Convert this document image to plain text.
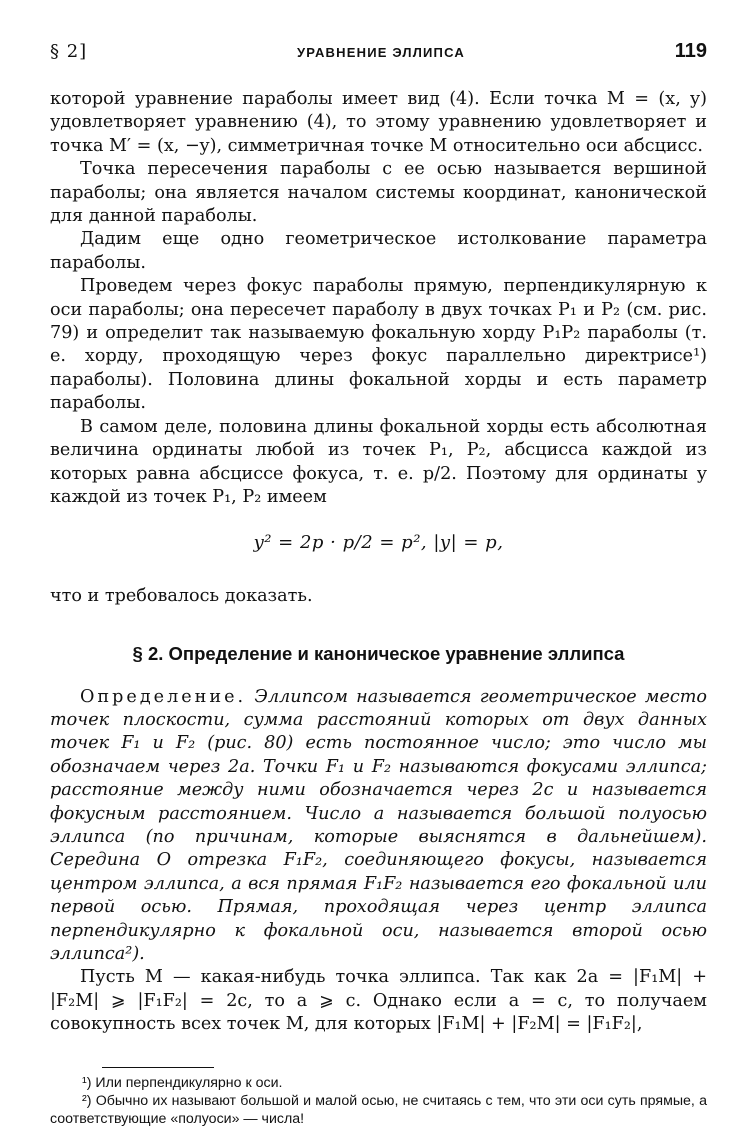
§ 2]	УРАВНЕНИЕ ЭЛЛИПСА	119

которой уравнение параболы имеет вид (4). Если точка M = (x, y) удовлетворяет уравнению (4), то этому уравнению удовлетворяет и точка M′ = (x, −y), симметричная точке M относительно оси абсцисс.

Точка пересечения параболы с ее осью называется вершиной параболы; она является началом системы координат, канонической для данной параболы.

Дадим еще одно геометрическое истолкование параметра параболы.

Проведем через фокус параболы прямую, перпендикулярную к оси параболы; она пересечет параболу в двух точках P₁ и P₂ (см. рис. 79) и определит так называемую фокальную хорду P₁P₂ параболы (т. е. хорду, проходящую через фокус параллельно директрисе¹) параболы). Половина длины фокальной хорды и есть параметр параболы.

В самом деле, половина длины фокальной хорды есть абсолютная величина ординаты любой из точек P₁, P₂, абсцисса каждой из которых равна абсциссе фокуса, т. е. p/2. Поэтому для ординаты y каждой из точек P₁, P₂ имеем

y² = 2p · p/2 = p², |y| = p,

что и требовалось доказать.

§ 2. Определение и каноническое уравнение эллипса

Определение. Эллипсом называется геометрическое место точек плоскости, сумма расстояний которых от двух данных точек F₁ и F₂ (рис. 80) есть постоянное число; это число мы обозначаем через 2a. Точки F₁ и F₂ называются фокусами эллипса; расстояние между ними обозначается через 2c и называется фокусным расстоянием. Число a называется большой полуосью эллипса (по причинам, которые выяснятся в дальнейшем). Середина O отрезка F₁F₂, соединяющего фокусы, называется центром эллипса, а вся прямая F₁F₂ называется его фокальной или первой осью. Прямая, проходящая через центр эллипса перпендикулярно к фокальной оси, называется второй осью эллипса²).

Пусть M — какая-нибудь точка эллипса. Так как 2a = |F₁M| + |F₂M| ⩾ |F₁F₂| = 2c, то a ⩾ c. Однако если a = c, то получаем совокупность всех точек M, для которых |F₁M| + |F₂M| = |F₁F₂|,

¹) Или перпендикулярно к оси.
²) Обычно их называют большой и малой осью, не считаясь с тем, что эти оси суть прямые, а соответствующие «полуоси» — числа!
